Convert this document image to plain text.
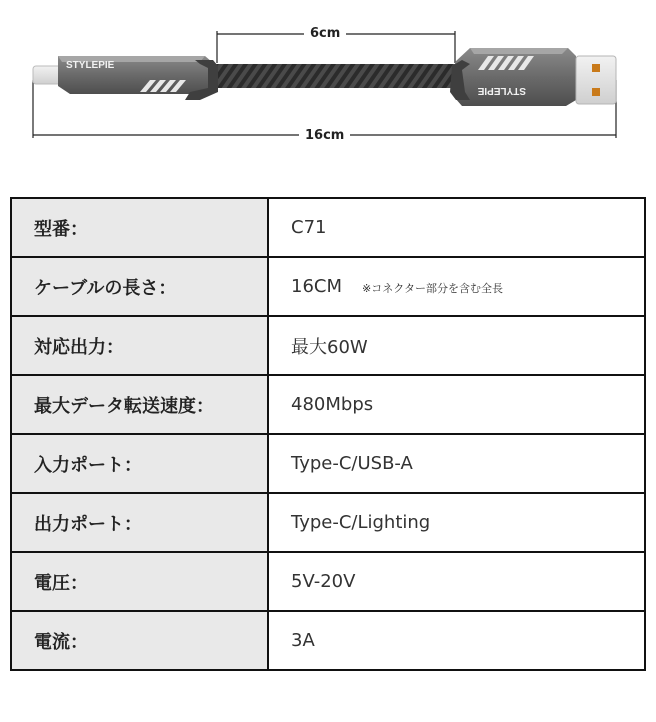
STYLEPIE
STYLEPIE
6cm
16cm
型番：	C71
ケーブルの長さ：	16CM ※コネクター部分を含む全長
対応出力：	最大60W
最大データ転送速度：	480Mbps
入力ポート：	Type-C/USB-A
出力ポート：	Type-C/Lighting
電圧：	5V-20V
電流：	3A
